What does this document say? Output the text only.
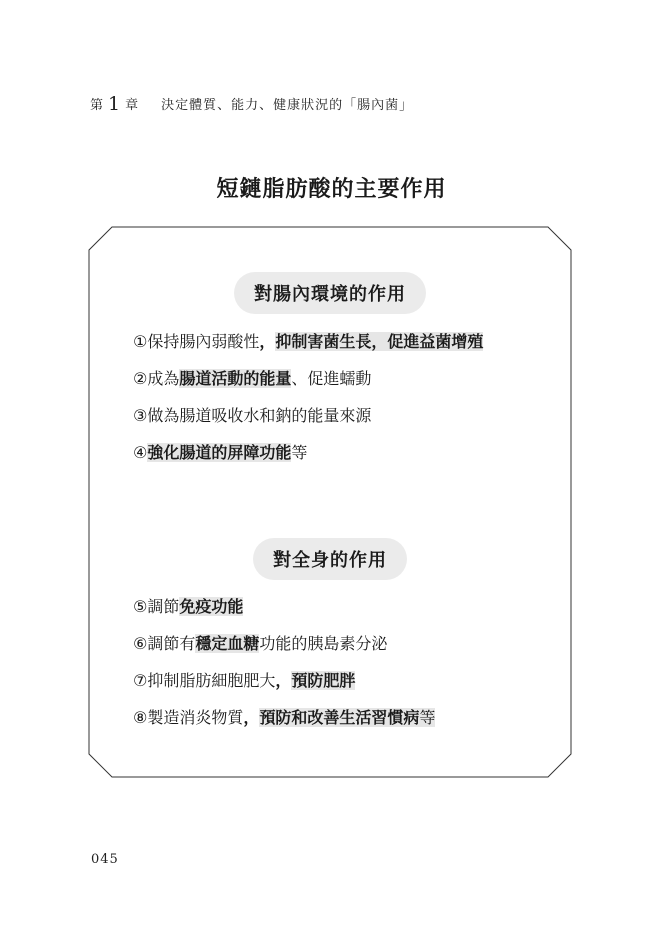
第 1 章 決定體質、能力、健康狀況的「腸內菌」
短鏈脂肪酸的主要作用
對腸內環境的作用
①保持腸內弱酸性，抑制害菌生長，促進益菌增殖
②成為腸道活動的能量、促進蠕動
③做為腸道吸收水和鈉的能量來源
④強化腸道的屏障功能等
對全身的作用
⑤調節免疫功能
⑥調節有穩定血糖功能的胰島素分泌
⑦抑制脂肪細胞肥大，預防肥胖
⑧製造消炎物質，預防和改善生活習慣病等
045
